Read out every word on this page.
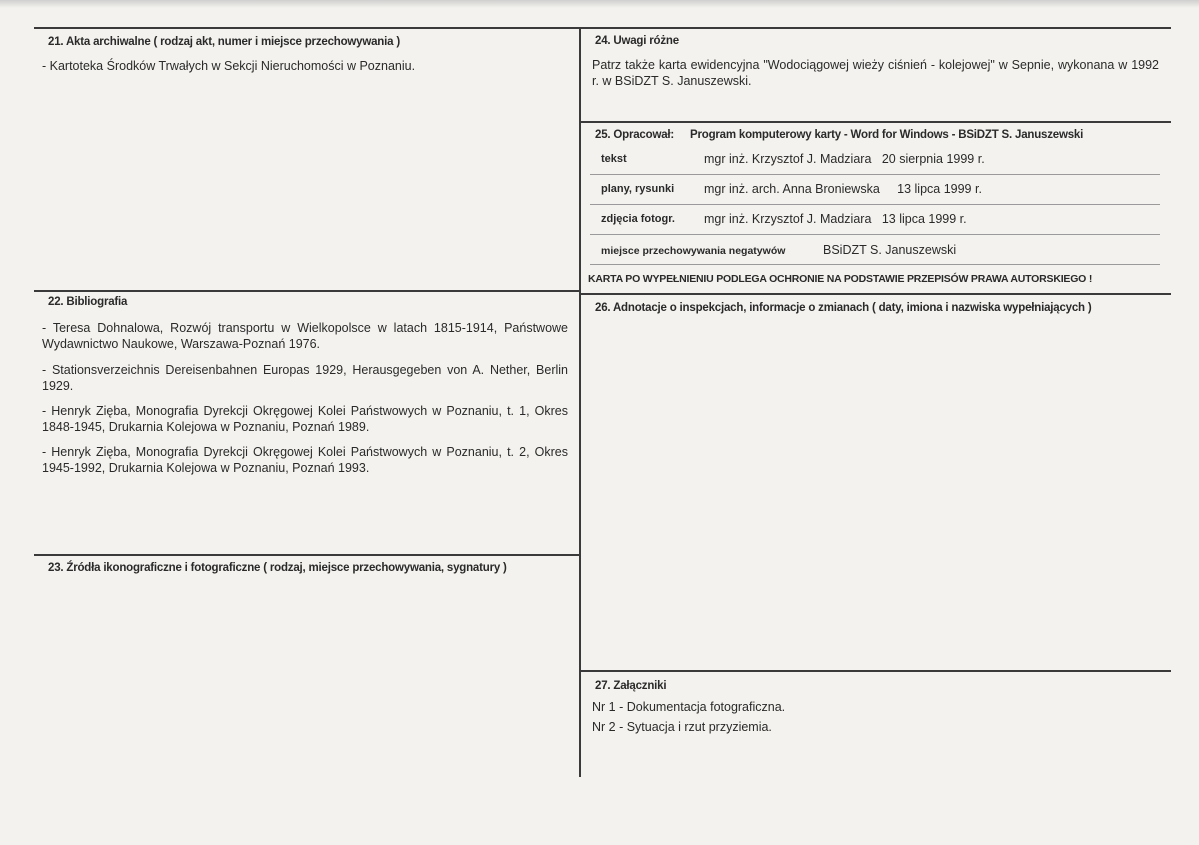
21. Akta archiwalne ( rodzaj akt, numer i miejsce przechowywania )
- Kartoteka Środków Trwałych w Sekcji Nieruchomości w Poznaniu.
22. Bibliografia
- Teresa Dohnalowa, Rozwój transportu w Wielkopolsce w latach 1815-1914, Państwowe Wydawnictwo Naukowe, Warszawa-Poznań 1976.
- Stationsverzeichnis Dereisenbahnen Europas 1929, Herausgegeben von A. Nether, Berlin 1929.
- Henryk Zięba, Monografia Dyrekcji Okręgowej Kolei Państwowych w Poznaniu, t. 1, Okres 1848-1945, Drukarnia Kolejowa w Poznaniu, Poznań 1989.
- Henryk Zięba, Monografia Dyrekcji Okręgowej Kolei Państwowych w Poznaniu, t. 2, Okres 1945-1992, Drukarnia Kolejowa w Poznaniu, Poznań 1993.
23. Źródła ikonograficzne i fotograficzne ( rodzaj, miejsce przechowywania, sygnatury )
24. Uwagi różne
Patrz także karta ewidencyjna "Wodociągowej wieży ciśnień - kolejowej" w Sepnie, wykonana w 1992 r. w BSiDZT S. Januszewski.
25. Opracował: Program komputerowy karty - Word for Windows - BSiDZT S. Januszewski
tekst	mgr inż. Krzysztof J. Madziara   20 sierpnia 1999 r.
plany, rysunki mgr inż. arch. Anna Broniewska     13 lipca 1999 r.
zdjęcia fotogr. mgr inż. Krzysztof J. Madziara   13 lipca 1999 r.
miejsce przechowywania negatywów	BSiDZT S. Januszewski
KARTA PO WYPEŁNIENIU PODLEGA OCHRONIE NA PODSTAWIE PRZEPISÓW PRAWA AUTORSKIEGO !
26. Adnotacje o inspekcjach, informacje o zmianach ( daty, imiona i nazwiska wypełniających )
27. Załączniki
Nr 1 - Dokumentacja fotograficzna.
Nr 2 - Sytuacja i rzut przyziemia.
